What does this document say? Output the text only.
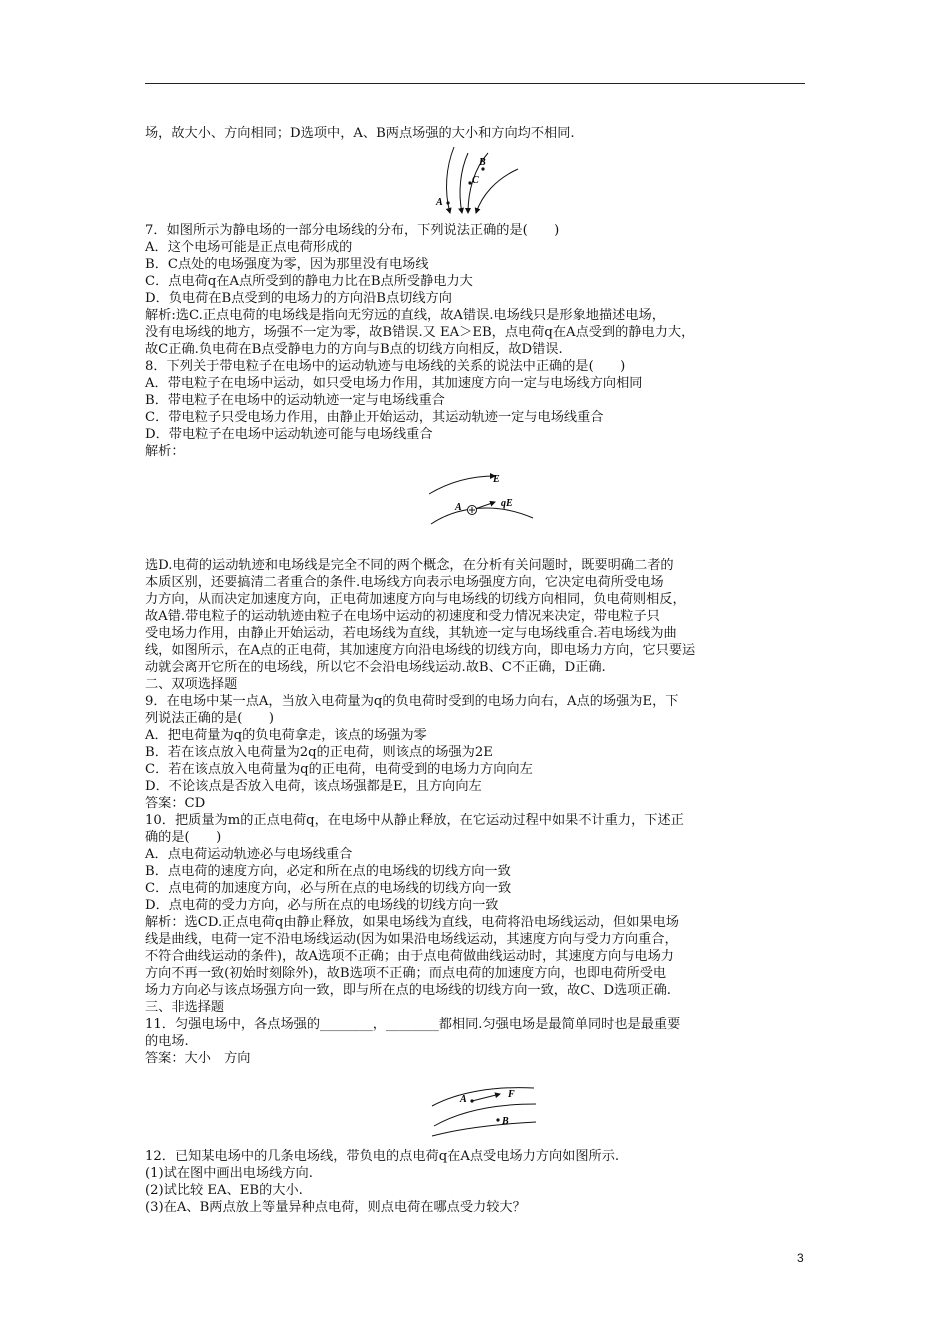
场，故大小、方向相同；D选项中，A、B两点场强的大小和方向均不相同.
B
C
A
7．如图所示为静电场的一部分电场线的分布，下列说法正确的是(　　)
A．这个电场可能是正点电荷形成的
B．C点处的电场强度为零，因为那里没有电场线
C．点电荷q在A点所受到的静电力比在B点所受静电力大
D．负电荷在B点受到的电场力的方向沿B点切线方向
解析:选C.正点电荷的电场线是指向无穷远的直线，故A错误.电场线只是形象地描述电场，
没有电场线的地方，场强不一定为零，故B错误.又 EA＞EB，点电荷q在A点受到的静电力大，
故C正确.负电荷在B点受静电力的方向与B点的切线方向相反，故D错误.
8．下列关于带电粒子在电场中的运动轨迹与电场线的关系的说法中正确的是(　　)
A．带电粒子在电场中运动，如只受电场力作用，其加速度方向一定与电场线方向相同
B．带电粒子在电场中的运动轨迹一定与电场线重合
C．带电粒子只受电场力作用，由静止开始运动，其运动轨迹一定与电场线重合
D．带电粒子在电场中运动轨迹可能与电场线重合
解析：
E
A	qE
选D.电荷的运动轨迹和电场线是完全不同的两个概念，在分析有关问题时，既要明确二者的
本质区别，还要搞清二者重合的条件.电场线方向表示电场强度方向，它决定电荷所受电场
力方向，从而决定加速度方向，正电荷加速度方向与电场线的切线方向相同，负电荷则相反，
故A错.带电粒子的运动轨迹由粒子在电场中运动的初速度和受力情况来决定，带电粒子只
受电场力作用，由静止开始运动，若电场线为直线，其轨迹一定与电场线重合.若电场线为曲
线，如图所示，在A点的正电荷，其加速度方向沿电场线的切线方向，即电场力方向，它只要运
动就会离开它所在的电场线，所以它不会沿电场线运动.故B、C不正确，D正确.
二、双项选择题
9．在电场中某一点A，当放入电荷量为q的负电荷时受到的电场力向右，A点的场强为E，下
列说法正确的是(　　)
A．把电荷量为q的负电荷拿走，该点的场强为零
B．若在该点放入电荷量为2q的正电荷，则该点的场强为2E
C．若在该点放入电荷量为q的正电荷，电荷受到的电场力方向向左
D．不论该点是否放入电荷，该点场强都是E，且方向向左
答案：CD
10．把质量为m的正点电荷q，在电场中从静止释放，在它运动过程中如果不计重力，下述正
确的是(　　)
A．点电荷运动轨迹必与电场线重合
B．点电荷的速度方向，必定和所在点的电场线的切线方向一致
C．点电荷的加速度方向，必与所在点的电场线的切线方向一致
D．点电荷的受力方向，必与所在点的电场线的切线方向一致
解析：选CD.正点电荷q由静止释放，如果电场线为直线，电荷将沿电场线运动，但如果电场
线是曲线，电荷一定不沿电场线运动(因为如果沿电场线运动，其速度方向与受力方向重合，
不符合曲线运动的条件)，故A选项不正确；由于点电荷做曲线运动时，其速度方向与电场力
方向不再一致(初始时刻除外)，故B选项不正确；而点电荷的加速度方向，也即电荷所受电
场力方向必与该点场强方向一致，即与所在点的电场线的切线方向一致，故C、D选项正确.
三、非选择题
11．匀强电场中，各点场强的________，________都相同.匀强电场是最简单同时也是最重要
的电场.
答案：大小　方向
A	F
B
12．已知某电场中的几条电场线，带负电的点电荷q在A点受电场力方向如图所示.
(1)试在图中画出电场线方向.
(2)试比较 EA、EB的大小.
(3)在A、B两点放上等量异种点电荷，则点电荷在哪点受力较大？
3
